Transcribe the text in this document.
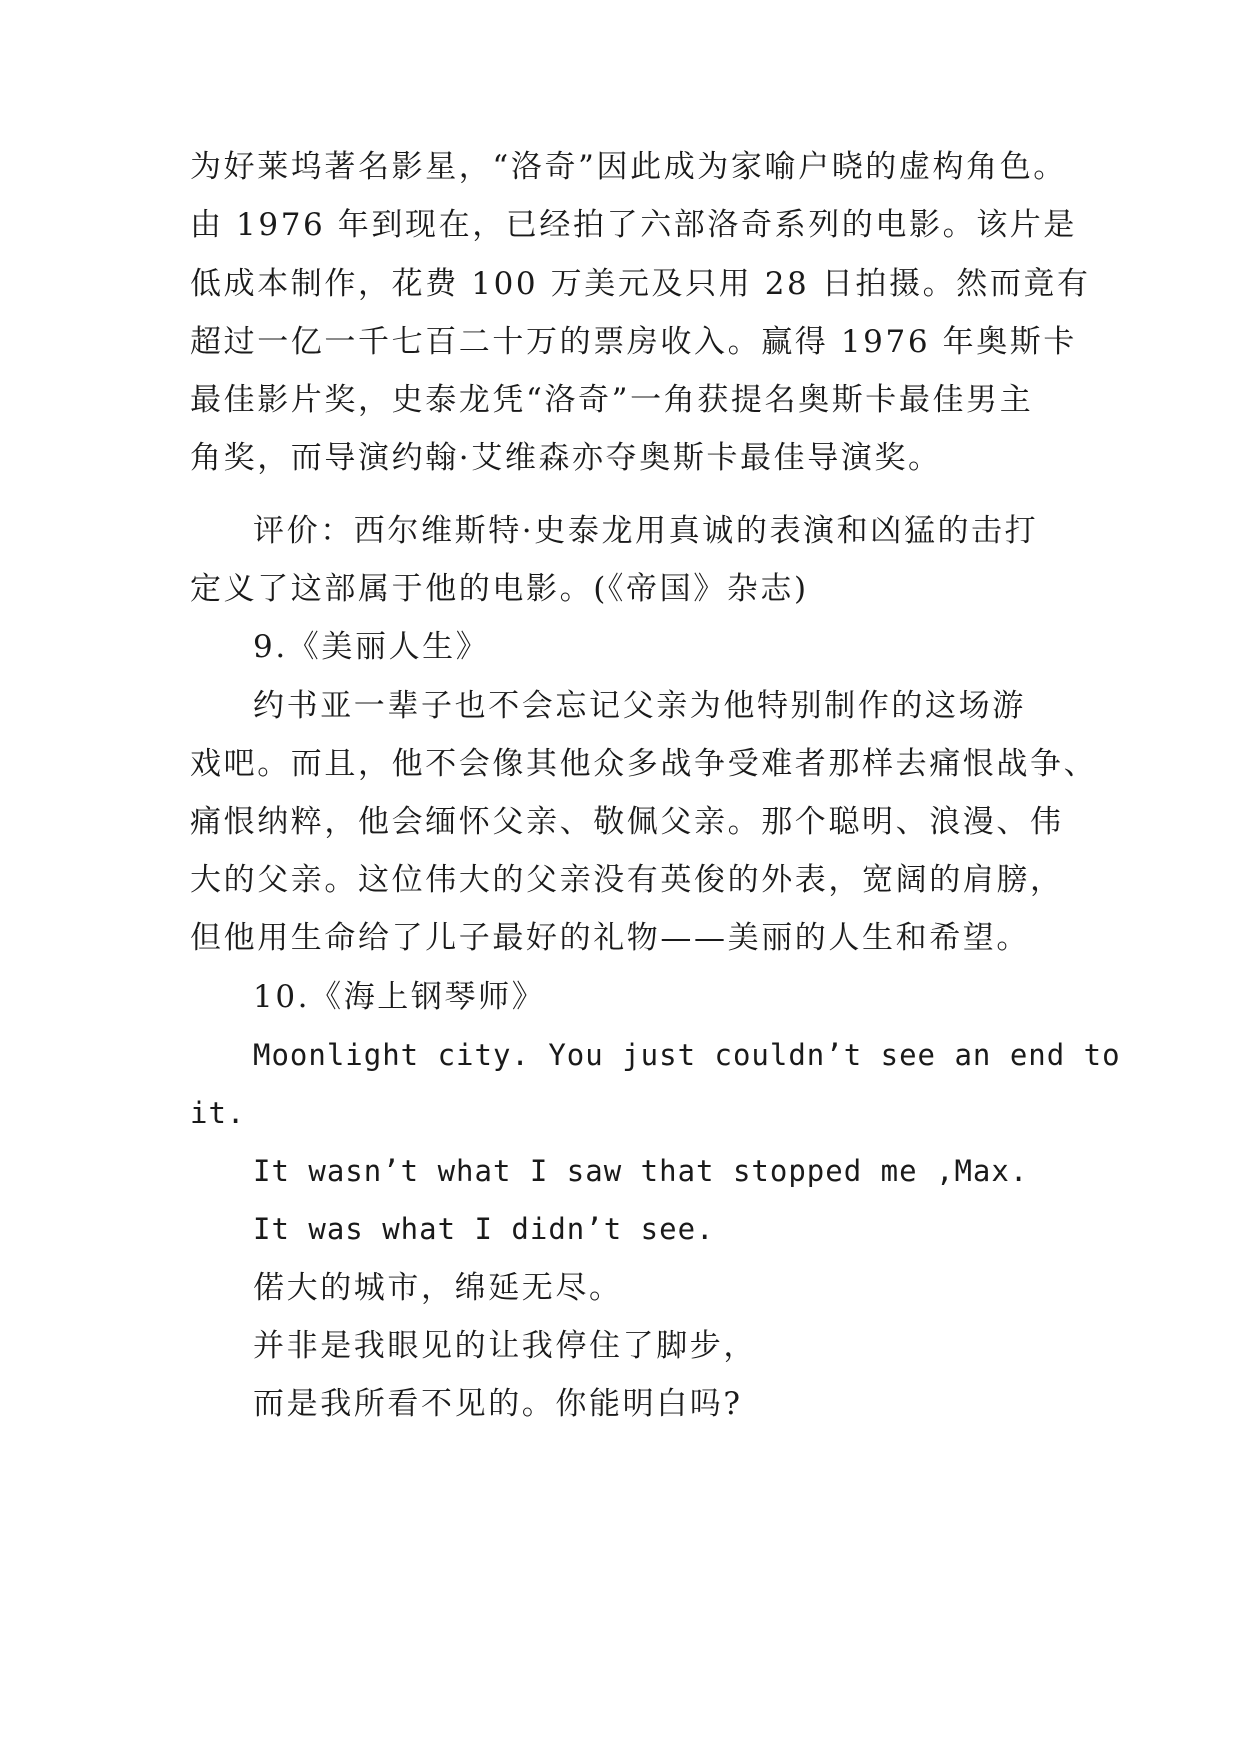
为好莱坞著名影星，“洛奇”因此成为家喻户晓的虚构角色。
由 1976 年到现在，已经拍了六部洛奇系列的电影。该片是
低成本制作，花费 100 万美元及只用 28 日拍摄。然而竟有
超过一亿一千七百二十万的票房收入。赢得 1976 年奥斯卡
最佳影片奖，史泰龙凭“洛奇”一角获提名奥斯卡最佳男主
角奖，而导演约翰·艾维森亦夺奥斯卡最佳导演奖。
评价：西尔维斯特·史泰龙用真诚的表演和凶猛的击打
定义了这部属于他的电影。(《帝国》杂志)
9.《美丽人生》
约书亚一辈子也不会忘记父亲为他特别制作的这场游
戏吧。而且，他不会像其他众多战争受难者那样去痛恨战争、
痛恨纳粹，他会缅怀父亲、敬佩父亲。那个聪明、浪漫、伟
大的父亲。这位伟大的父亲没有英俊的外表，宽阔的肩膀，
但他用生命给了儿子最好的礼物——美丽的人生和希望。
10.《海上钢琴师》
Moonlight city. You just couldn’t see an end to
it.
It wasn’t what I saw that stopped me ,Max.
It was what I didn’t see.
偌大的城市，绵延无尽。
并非是我眼见的让我停住了脚步，
而是我所看不见的。你能明白吗?
